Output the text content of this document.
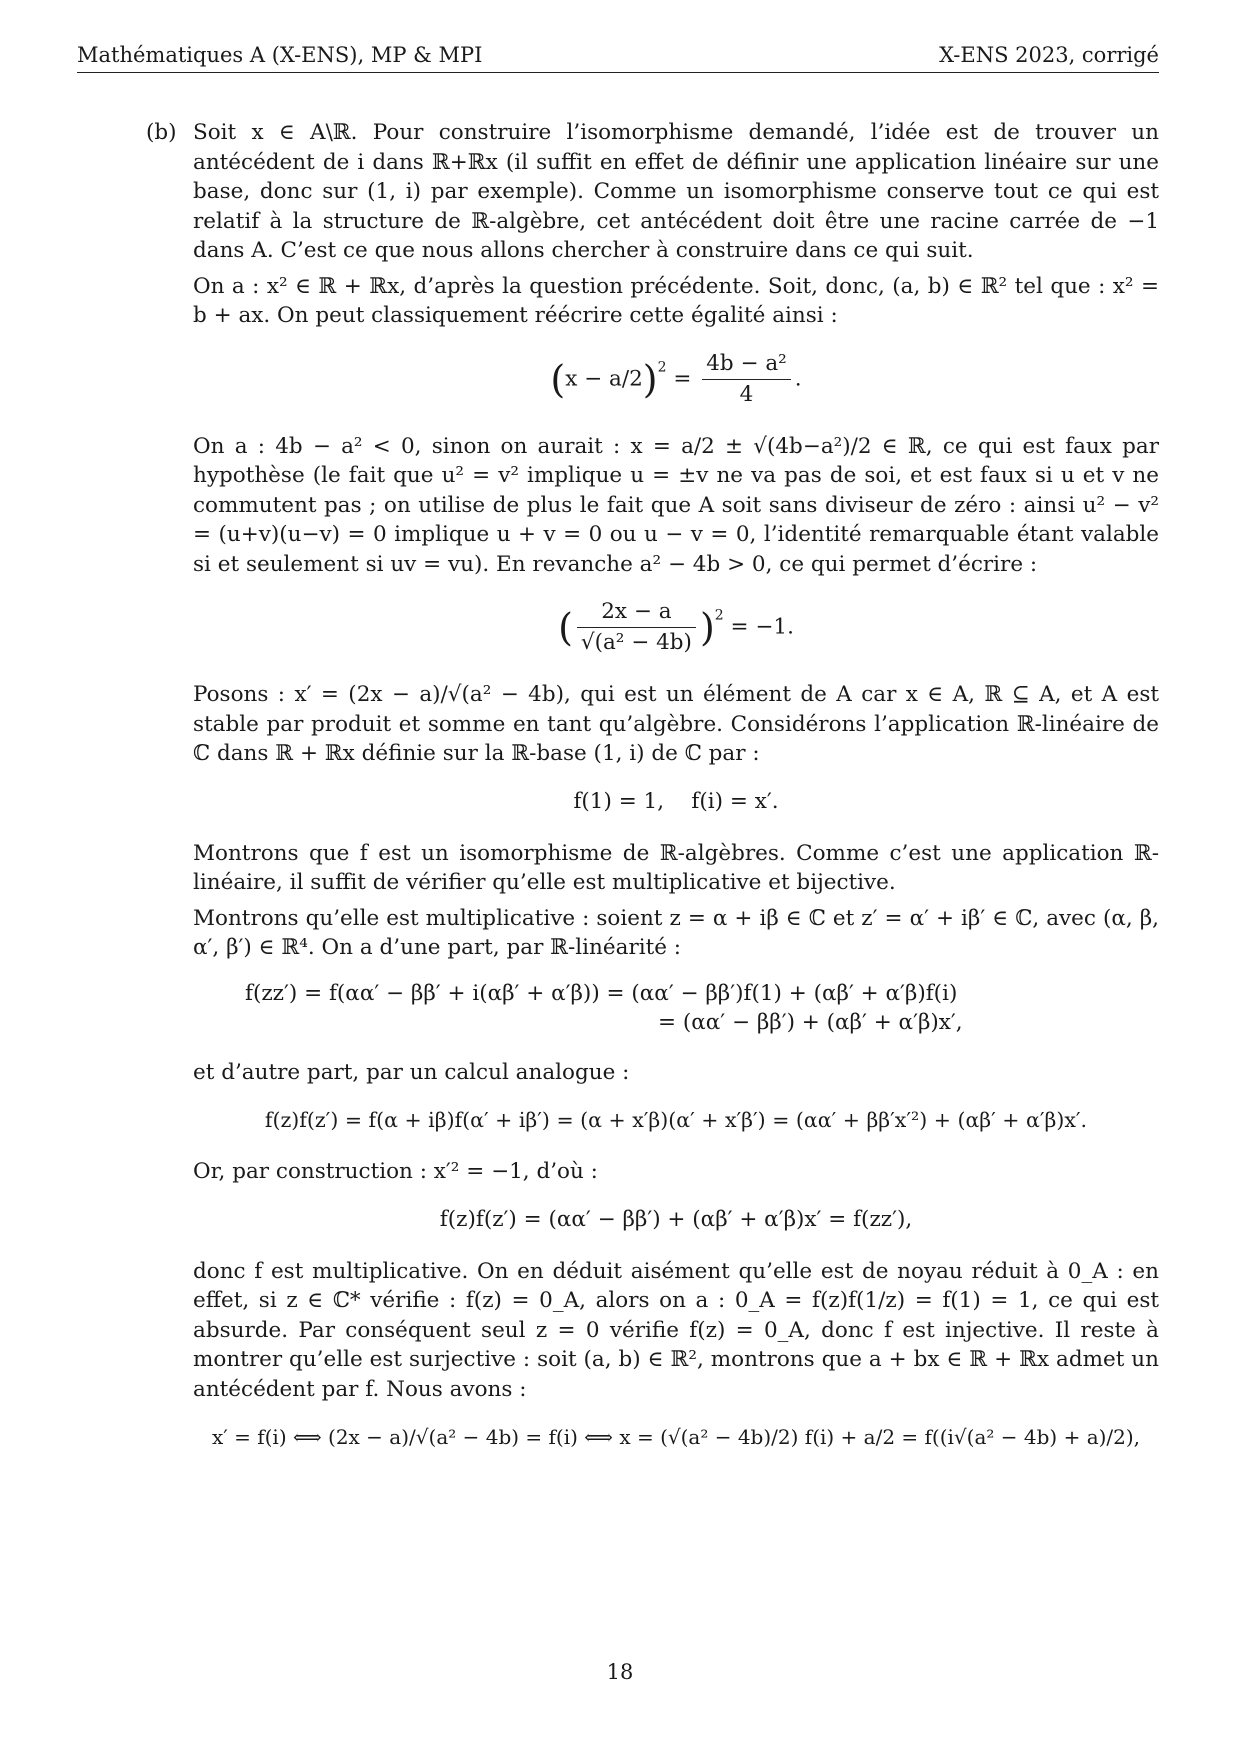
Mathématiques A (X-ENS), MP & MPI	X-ENS 2023, corrigé
(b) Soit x ∈ A\ℝ. Pour construire l’isomorphisme demandé, l’idée est de trouver un antécédent de i dans ℝ+ℝx (il suffit en effet de définir une application linéaire sur une base, donc sur (1, i) par exemple). Comme un isomorphisme conserve tout ce qui est relatif à la structure de ℝ-algèbre, cet antécédent doit être une racine carrée de −1 dans A. C’est ce que nous allons chercher à construire dans ce qui suit.

On a : x² ∈ ℝ + ℝx, d’après la question précédente. Soit, donc, (a, b) ∈ ℝ² tel que : x² = b + ax. On peut classiquement réécrire cette égalité ainsi :

$(x - a/2)^2 = \frac{\text{4b − a²}}{4}$ .

On a : 4b − a² < 0, sinon on aurait : x = a/2 ± √(4b−a²)/2 ∈ ℝ, ce qui est faux par hypothèse (le fait que u² = v² implique u = ±v ne va pas de soi, et est faux si u et v ne commutent pas ; on utilise de plus le fait que A soit sans diviseur de zéro : ainsi u² − v² = (u+v)(u−v) = 0 implique u + v = 0 ou u − v = 0, l’identité remarquable étant valable si et seulement si uv = vu). En revanche a² − 4b > 0, ce qui permet d’écrire :

( $\frac{2x - a}{\text{√(a² − 4b)}} )^2 = -1$.

Posons : x′ = (2x − a)/√(a² − 4b), qui est un élément de A car x ∈ A, ℝ ⊆ A, et A est stable par produit et somme en tant qu’algèbre. Considérons l’application ℝ-linéaire de ℂ dans ℝ + ℝx définie sur la ℝ-base (1, i) de ℂ par :

f(1) = 1,    f(i) = x′.

Montrons que f est un isomorphisme de ℝ-algèbres. Comme c’est une application ℝ-linéaire, il suffit de vérifier qu’elle est multiplicative et bijective.

Montrons qu’elle est multiplicative : soient z = α + iβ ∈ ℂ et z′ = α′ + iβ′ ∈ ℂ, avec (α, β, α′, β′) ∈ ℝ⁴. On a d’une part, par ℝ-linéarité :

f(zz′) = f(αα′ − ββ′ + i(αβ′ + α′β)) = (αα′ − ββ′)f(1) + (αβ′ + α′β)f(i)
= (αα′ − ββ′) + (αβ′ + α′β)x′,

et d’autre part, par un calcul analogue :

f(z)f(z′) = f(α + iβ)f(α′ + iβ′) = (α + x′β)(α′ + x′β′) = (αα′ + ββ′x′²) + (αβ′ + α′β)x′.

Or, par construction : x′² = −1, d’où :

f(z)f(z′) = (αα′ − ββ′) + (αβ′ + α′β)x′ = f(zz′),

donc f est multiplicative. On en déduit aisément qu’elle est de noyau réduit à 0_A : en effet, si z ∈ ℂ* vérifie : f(z) = 0_A, alors on a : 0_A = f(z)f(1/z) = f(1) = 1, ce qui est absurde. Par conséquent seul z = 0 vérifie f(z) = 0_A, donc f est injective. Il reste à montrer qu’elle est surjective : soit (a, b) ∈ ℝ², montrons que a + bx ∈ ℝ + ℝx admet un antécédent par f. Nous avons :

x′ = f(i) ⟺ (2x − a)/√(a² − 4b) = f(i) ⟺ x = (√(a² − 4b)/2) f(i) + a/2 = f((i√(a² − 4b) + a)/2),
18
